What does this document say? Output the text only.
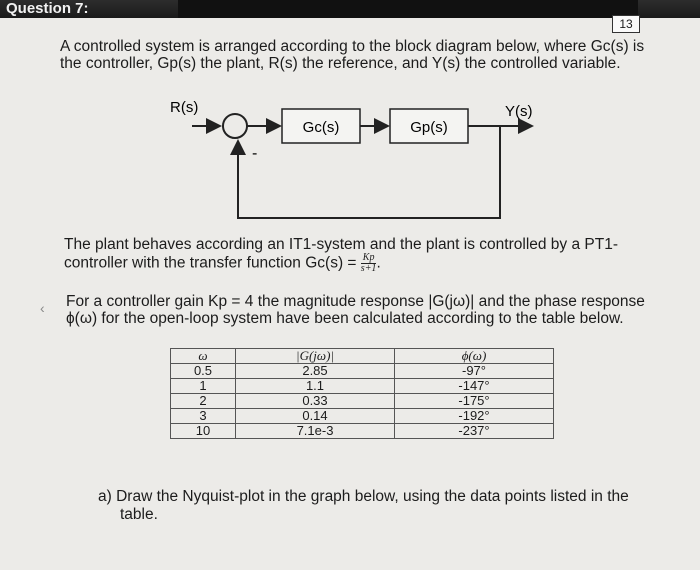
Question 7:
13
A controlled system is arranged according to the block diagram below, where Gc(s) is
the controller, Gp(s) the plant, R(s) the reference, and Y(s) the controlled variable.
R(s)
-
Gc(s)	Gp(s)
Y(s)
The plant behaves according an IT1-system and the plant is controlled by a PT1-
controller with the transfer function $Gc(s) = \frac{Kp}{s+1}$ .
‹ For a controller gain Kp = 4 the magnitude response |G(jω)| and the phase response
ϕ(ω) for the open-loop system have been calculated according to the table below.
ω	|G(jω)|	ϕ(ω)
0.5	2.85	-97°
1	1.1	-147°
2	0.33	-175°
3	0.14	-192°
10	7.1e-3	-237°
a) Draw the Nyquist-plot in the graph below, using the data points listed in the
table.
